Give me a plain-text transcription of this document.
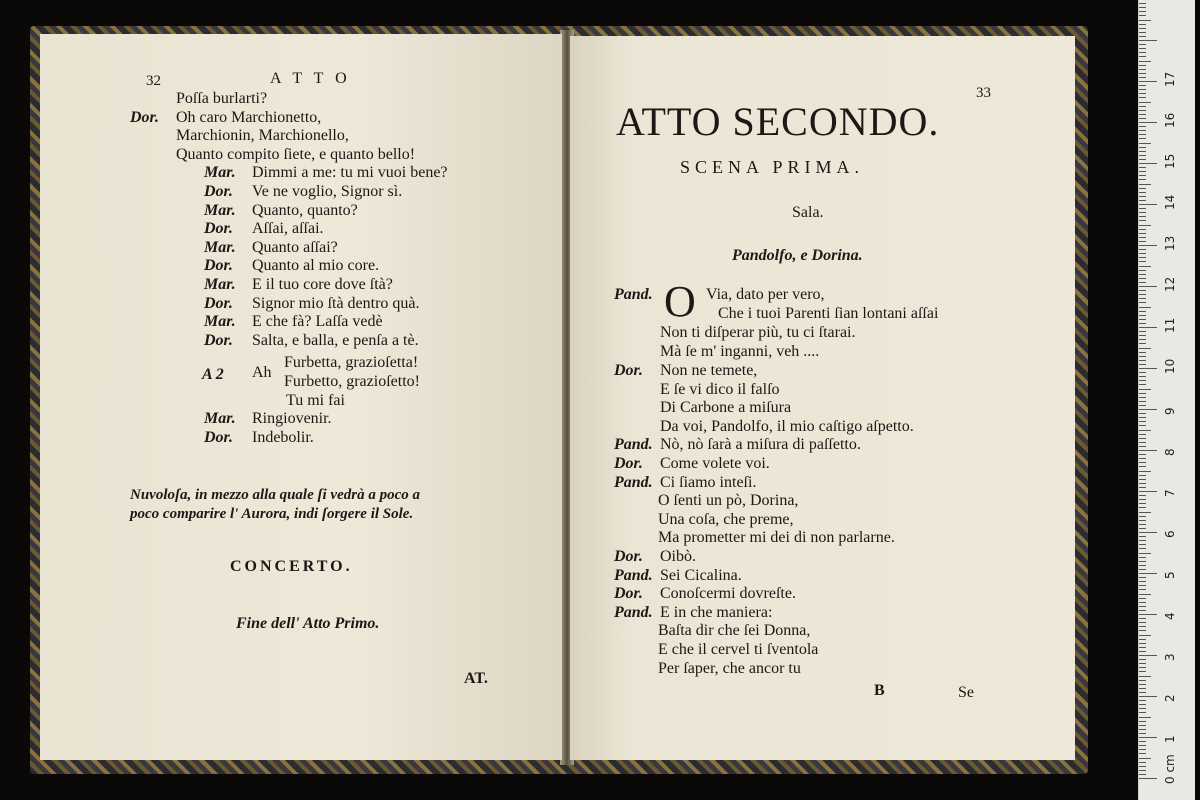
32	A T T O
Poſſa burlarti?
Dor. Oh caro Marchionetto,
Marchionin, Marchionello,
Quanto compito ſiete, e quanto bello!
Mar. Dimmi a me: tu mi vuoi bene?
Dor. Ve ne voglio, Signor sì.
Mar. Quanto, quanto?
Dor. Aſſai, aſſai.
Mar. Quanto aſſai?
Dor. Quanto al mio core.
Mar. E il tuo core dove ſtà?
Dor. Signor mio ſtà dentro quà.
Mar. E che fà? Laſſa vedè
Dor. Salta, e balla, e penſa a tè.
A 2 Ah
Furbetta, grazioſetta!
Furbetto, grazioſetto!
Tu mi fai
Mar. Ringiovenir.
Dor. Indebolir.
Nuvoloſa, in mezzo alla quale ſi vedrà a poco a
poco comparire l' Aurora, indi ſorgere il Sole.
CONCERTO.
Fine dell' Atto Primo.
AT.
33
ATTO SECONDO.
SCENA PRIMA.
Sala.
Pandolfo, e Dorina.
O
Pand.	Via, dato per vero,
Che i tuoi Parenti ſian lontani aſſai
Non ti diſperar più, tu ci ſtarai.
Mà ſe m' inganni, veh ....
Dor. Non ne temete,
E ſe vi dico il falſo
Di Carbone a miſura
Da voi, Pandolfo, il mio caſtigo aſpetto.
Pand. Nò, nò ſarà a miſura di paſſetto.
Dor. Come volete voi.
Pand. Ci ſiamo inteſi.
O ſenti un pò, Dorina,
Una coſa, che preme,
Ma prometter mi dei di non parlarne.
Dor. Oibò.
Pand. Sei Cicalina.
Dor. Conoſcermi dovreſte.
Pand. E in che maniera:
Baſta dir che ſei Donna,
E che il cervel ti ſventola
Per ſaper, che ancor tu
B	Se
0 cm
1
2
3
4
5
6
7
8
9
10
11
12
13
14
15
16
17
